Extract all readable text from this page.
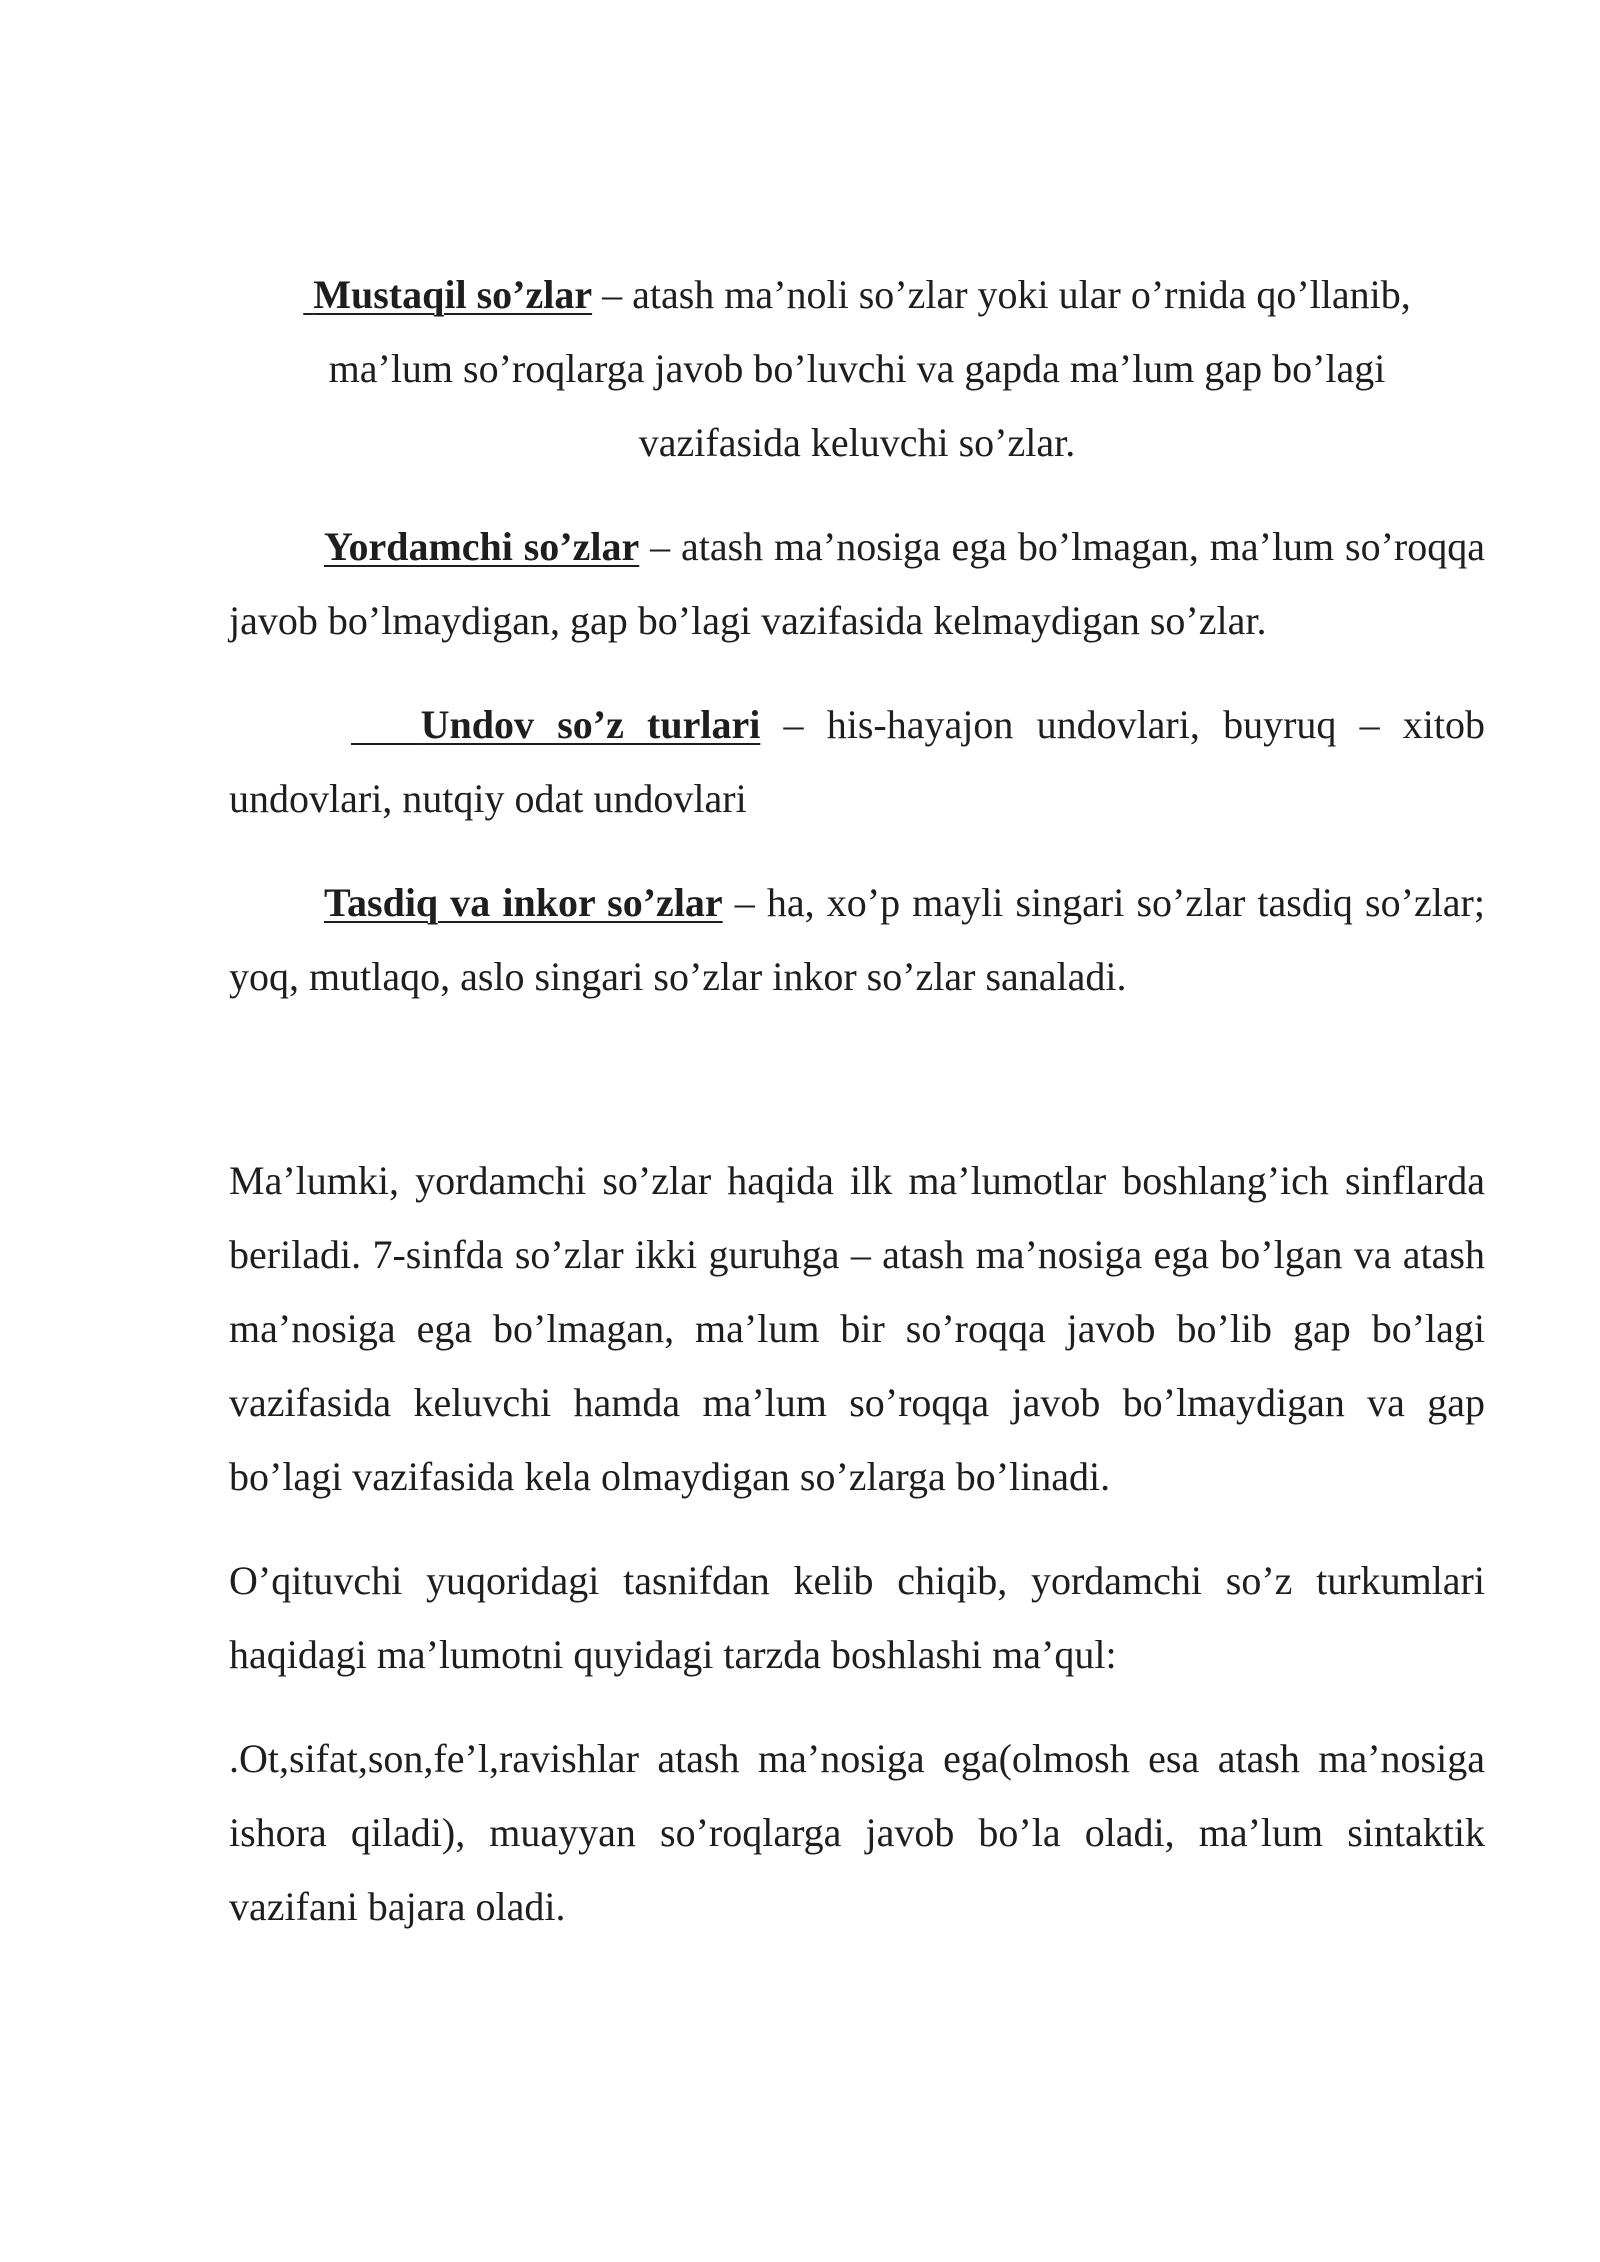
Mustaqil so’zlar – atash ma’noli so’zlar yoki ular o’rnida qo’llanib, ma’lum so’roqlarga javob bo’luvchi va gapda ma’lum gap bo’lagi vazifasida keluvchi so’zlar.

Yordamchi so’zlar – atash ma’nosiga ega bo’lmagan, ma’lum so’roqqa javob bo’lmaydigan, gap bo’lagi vazifasida kelmaydigan so’zlar.

Undov so’z turlari – his-hayajon undovlari, buyruq – xitob undovlari, nutqiy odat undovlari

Tasdiq va inkor so’zlar – ha, xo’p mayli singari so’zlar tasdiq so’zlar; yoq, mutlaqo, aslo singari so’zlar inkor so’zlar sanaladi.

Ma’lumki, yordamchi so’zlar haqida ilk ma’lumotlar boshlang’ich sinflarda beriladi. 7-sinfda so’zlar ikki guruhga – atash ma’nosiga ega bo’lgan va atash ma’nosiga ega bo’lmagan, ma’lum bir so’roqqa javob bo’lib gap bo’lagi vazifasida keluvchi hamda ma’lum so’roqqa javob bo’lmaydigan va gap bo’lagi vazifasida kela olmaydigan so’zlarga bo’linadi.

O’qituvchi yuqoridagi tasnifdan kelib chiqib, yordamchi so’z turkumlari haqidagi ma’lumotni quyidagi tarzda boshlashi ma’qul:

.Ot,sifat,son,fe’l,ravishlar atash ma’nosiga ega(olmosh esa atash ma’nosiga ishora qiladi), muayyan so’roqlarga javob bo’la oladi, ma’lum sintaktik vazifani bajara oladi.
